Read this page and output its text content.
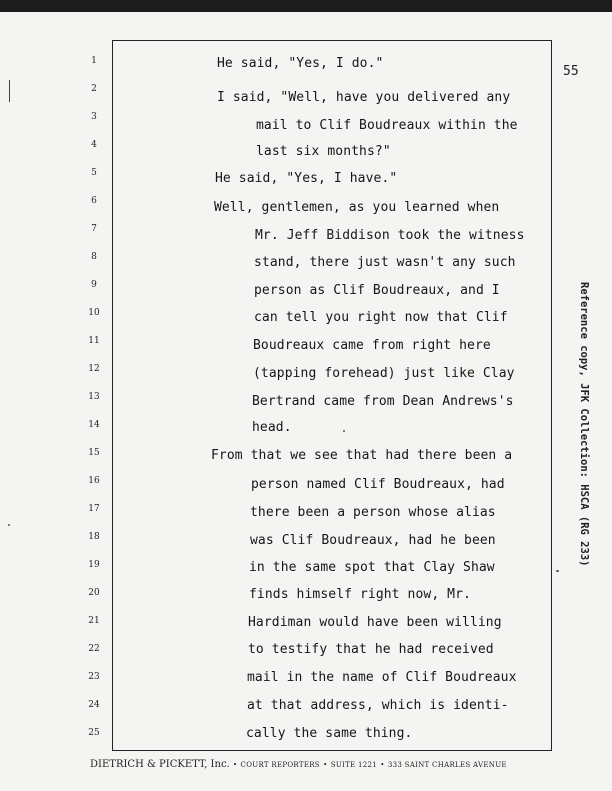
1
2
3
4
5
6
7
8
9
10
11
12
13
14
15
16
17
18
19
20
21
22
23
24
25
55
He said, "Yes, I do."
I said, "Well, have you delivered any
mail to Clif Boudreaux within the
last six months?"
He said, "Yes, I have."
Well, gentlemen, as you learned when
Mr. Jeff Biddison took the witness
stand, there just wasn't any such
person as Clif Boudreaux, and I
can tell you right now that Clif
Boudreaux came from right here
(tapping forehead) just like Clay
Bertrand came from Dean Andrews's
head.
From that we see that had there been a
person named Clif Boudreaux, had
there been a person whose alias
was Clif Boudreaux, had he been
in the same spot that Clay Shaw
finds himself right now, Mr.
Hardiman would have been willing
to testify that he had received
mail in the name of Clif Boudreaux
at that address, which is identi-
cally the same thing.
Reference copy, JFK Collection: HSCA (RG 233)
DIETRICH & PICKETT, Inc. • COURT REPORTERS • SUITE 1221 • 333 SAINT CHARLES AVENUE
